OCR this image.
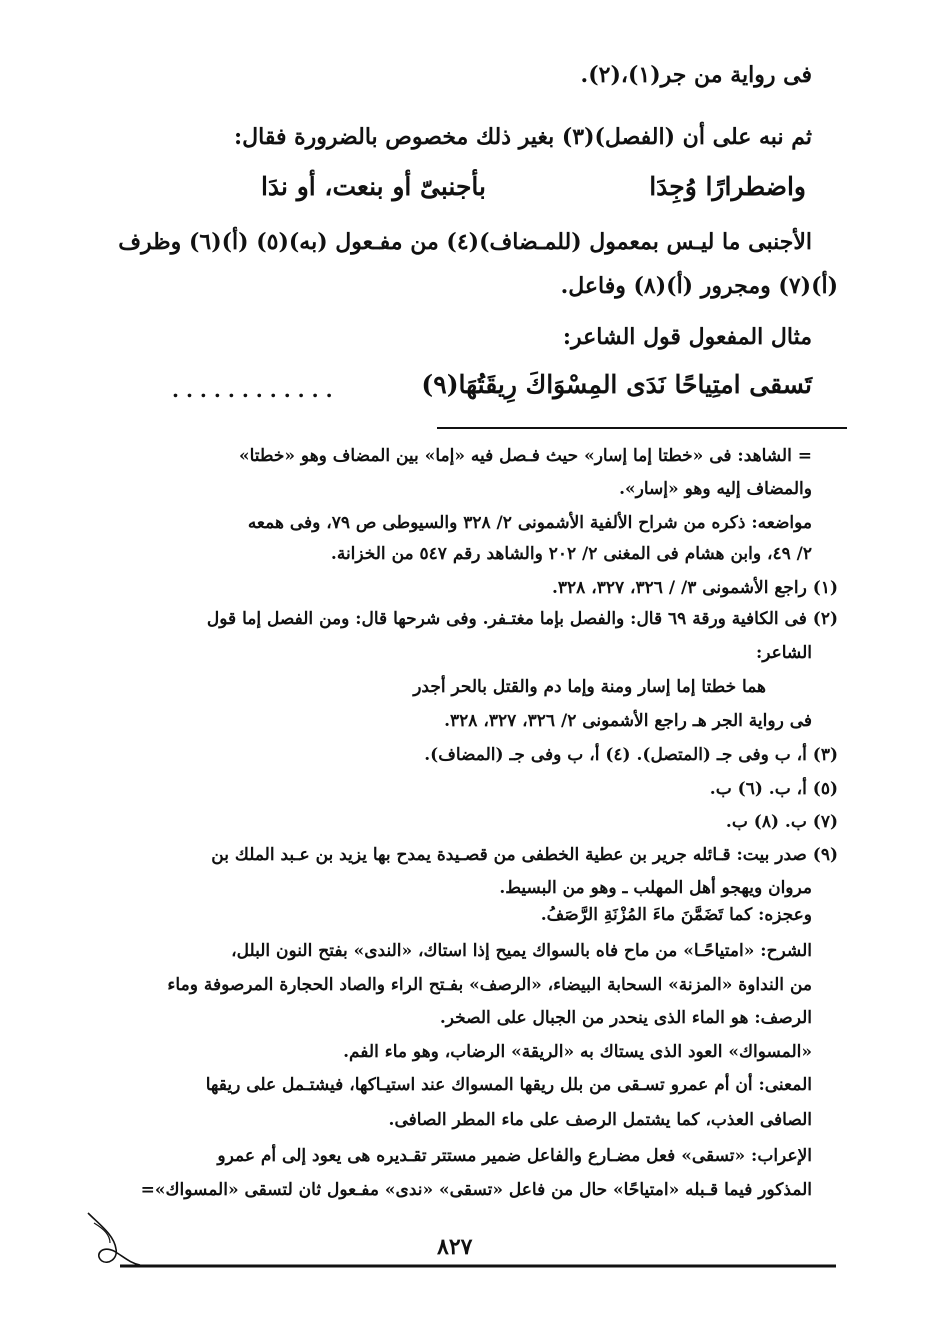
فى رواية من جر(١)،(٢).
ثم نبه على أن (الفصل)(٣) بغير ذلك مخصوص بالضرورة فقال:
واضطرارًا وُجِدَا
بأجنبىّ أو بنعت، أو ندَا
الأجنبى ما ليـس بمعمول (للمـضاف)(٤) من مفـعول (به)(٥) (أ)(٦) وظرف
(أ)(٧) ومجرور (أ)(٨) وفاعل.
مثال المفعول قول الشاعر:
تَسقى امتِياحًا نَدَى المِسْوَاكَ رِيقَتُهَا(٩)
............
= الشاهد: فى «خطتا إما إسار» حيث فـصل فيه «إما» بين المضاف وهو «خطتا»
والمضاف إليه وهو «إسار».
مواضعه: ذكره من شراح الألفية الأشمونى ٢/ ٣٢٨ والسيوطى ص ٧٩، وفى همعه
٢/ ٤٩، وابن هشام فى المغنى ٢/ ٢٠٢ والشاهد رقم ٥٤٧ من الخزانة.
(١) راجع الأشمونى ٣/ / ٣٢٦، ٣٢٧، ٣٢٨.
(٢) فى الكافية ورقة ٦٩ قال: والفصل بإما مغتـفر. وفى شرحها قال: ومن الفصل إما قول
الشاعر:
هما خطتا إما إسار ومنة وإما دم والقتل بالحر أجدر
فى رواية الجر هـ راجع الأشمونى ٢/ ٣٢٦، ٣٢٧، ٣٢٨.
(٣) أ، ب وفى جـ (المتصل). (٤) أ، ب وفى جـ (المضاف).
(٥) أ، ب. (٦) ب.
(٧) ب. (٨) ب.
(٩) صدر بيت: قـائله جرير بن عطية الخطفى من قصـيدة يمدح بها يزيد بن عـبد الملك بن
مروان ويهجو أهل المهلب ـ وهو من البسيط.
وعجزه: كما تَضَمَّنَ ماءَ المُزْنَةِ الرَّصَفُ.
الشرح: «امتياحًـا» من ماح فاه بالسواك يميح إذا استاك، «الندى» بفتح النون البلل،
من النداوة «المزنة» السحابة البيضاء، «الرصف» بفـتح الراء والصاد الحجارة المرصوفة وماء
الرصف: هو الماء الذى ينحدر من الجبال على الصخر.
«المسواك» العود الذى يستاك به «الريقة» الرضاب، وهو ماء الفم.
المعنى: أن أم عمرو تسـقى من بلل ريقها المسواك عند استيـاكها، فيشتـمل على ريقها
الصافى العذب، كما يشتمل الرصف على ماء المطر الصافى.
الإعراب: «تسقى» فعل مضـارع والفاعل ضمير مستتر تقـديره هى يعود إلى أم عمرو
المذكور فيما قـبله «امتياحًا» حال من فاعل «تسقى» «ندى» مفـعول ثان لتسقى «المسواك»=
٨٢٧
